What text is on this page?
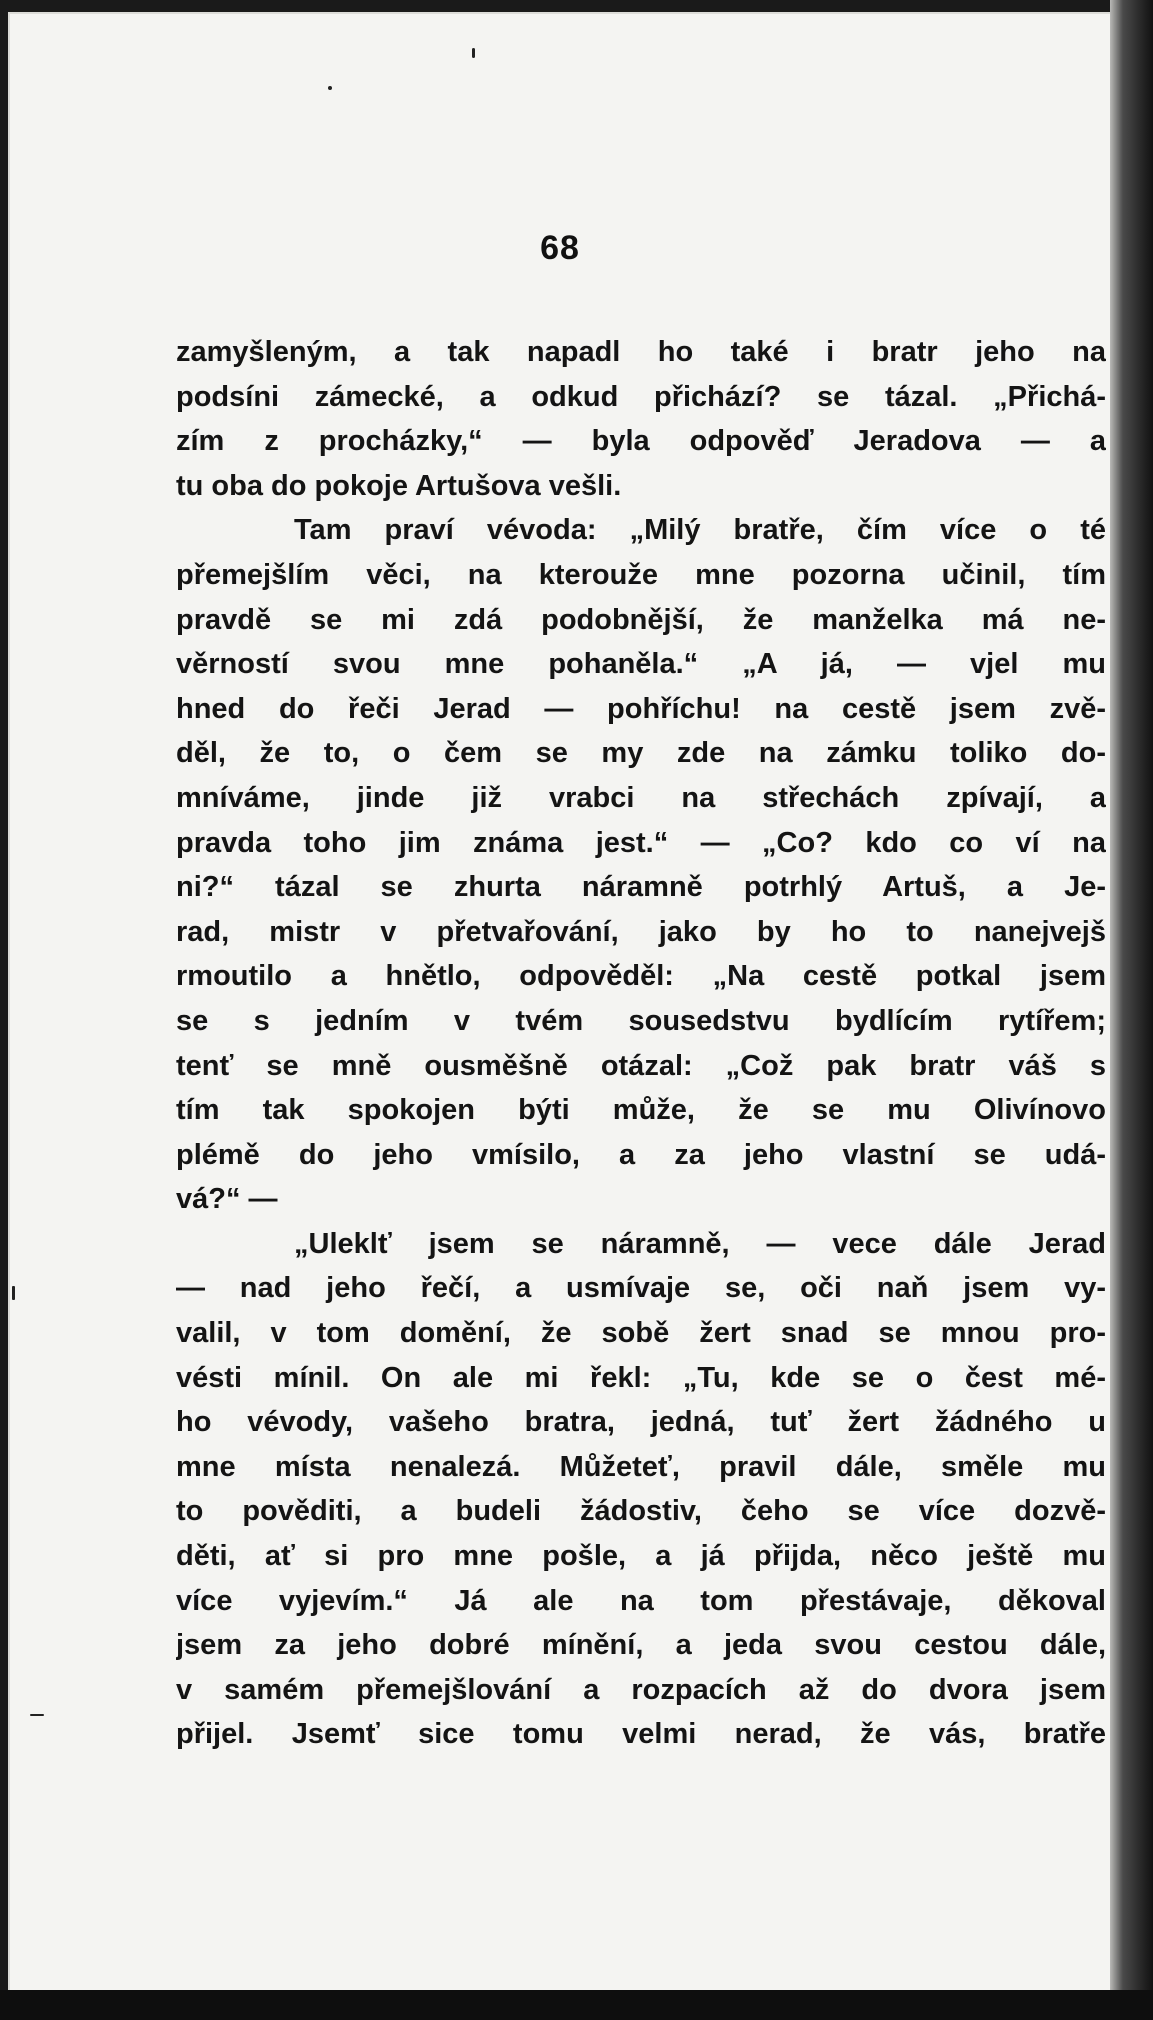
68
zamyšleným, a tak napadl ho také i bratr jeho na
podsíni zámecké, a odkud přichází? se tázal. „Přichá-
zím z procházky,“ — byla odpověď Jeradova — a
tu oba do pokoje Artušova vešli.
Tam praví vévoda: „Milý bratře, čím více o té
přemejšlím věci, na kterouže mne pozorna učinil, tím
pravdě se mi zdá podobnější, že manželka má ne-
věrností svou mne pohaněla.“ „A já, — vjel mu
hned do řeči Jerad — pohříchu! na cestě jsem zvě-
děl, že to, o čem se my zde na zámku toliko do-
mníváme, jinde již vrabci na střechách zpívají, a
pravda toho jim známa jest.“ — „Co? kdo co ví na
ni?“ tázal se zhurta náramně potrhlý Artuš, a Je-
rad, mistr v přetvařování, jako by ho to nanejvejš
rmoutilo a hnětlo, odpověděl: „Na cestě potkal jsem
se s jedním v tvém sousedstvu bydlícím rytířem;
tenť se mně ousměšně otázal: „Což pak bratr váš s
tím tak spokojen býti může, že se mu Olivínovo
plémě do jeho vmísilo, a za jeho vlastní se udá-
vá?“ —
„Uleklť jsem se náramně, — vece dále Jerad
— nad jeho řečí, a usmívaje se, oči naň jsem vy-
valil, v tom domění, že sobě žert snad se mnou pro-
vésti mínil. On ale mi řekl: „Tu, kde se o čest mé-
ho vévody, vašeho bratra, jedná, tuť žert žádného u
mne místa nenalezá. Můžeteť, pravil dále, směle mu
to pověditi, a budeli žádostiv, čeho se více dozvě-
děti, ať si pro mne pošle, a já přijda, něco ještě mu
více vyjevím.“ Já ale na tom přestávaje, děkoval
jsem za jeho dobré mínění, a jeda svou cestou dále,
v samém přemejšlování a rozpacích až do dvora jsem
přijel. Jsemť sice tomu velmi nerad, že vás, bratře
